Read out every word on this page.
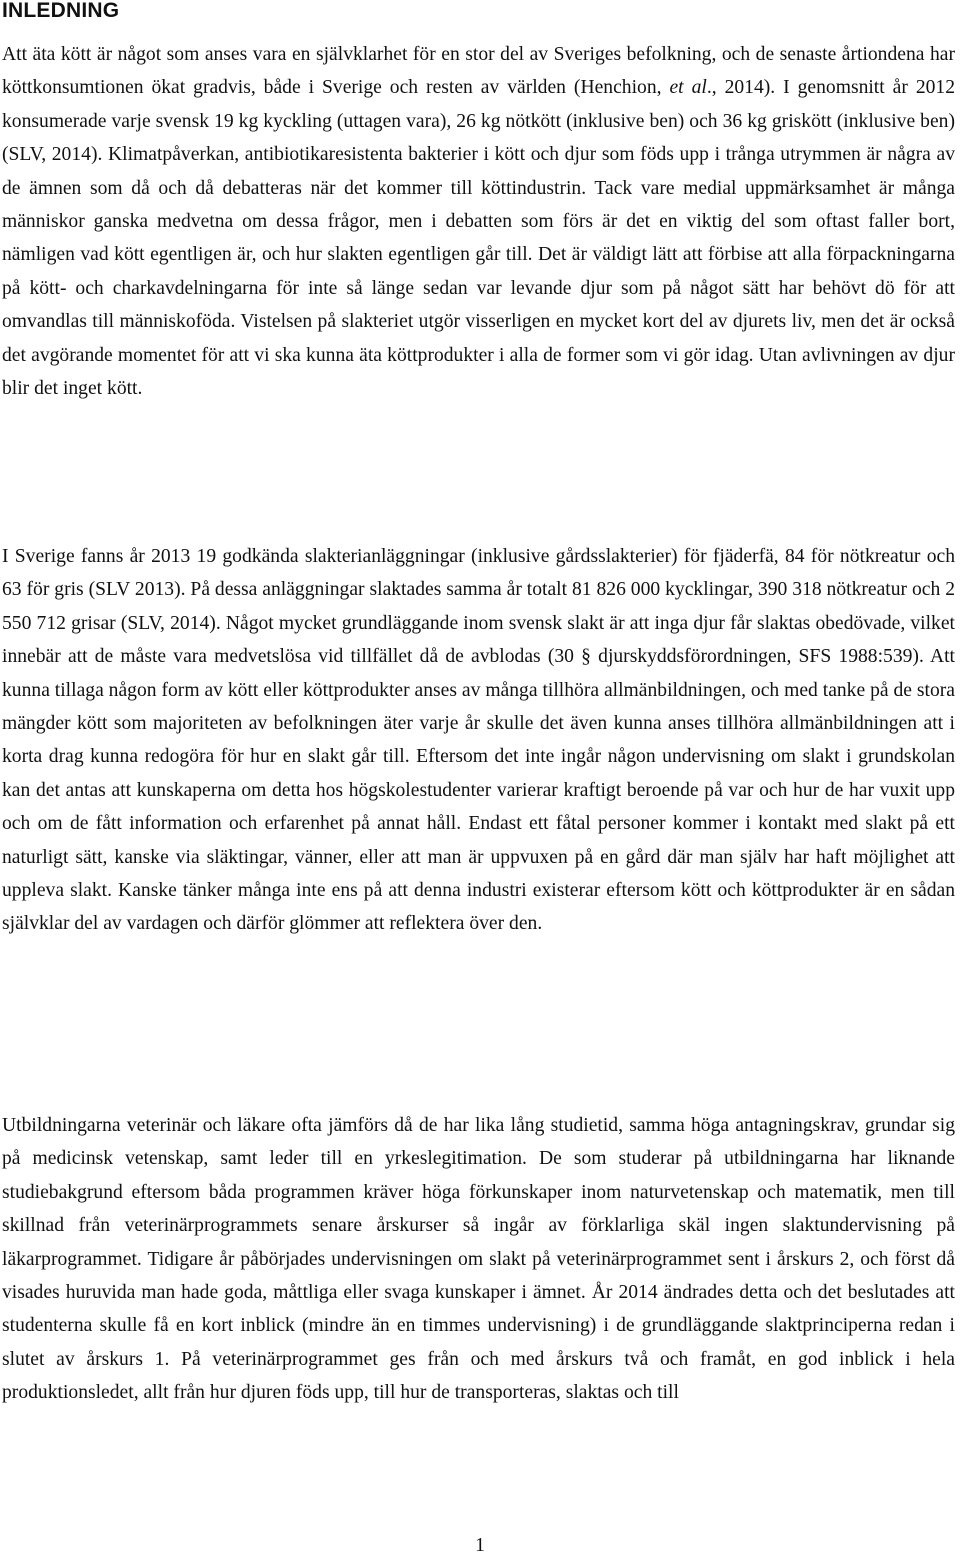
INLEDNING

Att äta kött är något som anses vara en självklarhet för en stor del av Sveriges befolkning, och de senaste årtiondena har köttkonsumtionen ökat gradvis, både i Sverige och resten av världen (Henchion, et al., 2014). I genomsnitt år 2012 konsumerade varje svensk 19 kg kyckling (uttagen vara), 26 kg nötkött (inklusive ben) och 36 kg griskött (inklusive ben) (SLV, 2014). Klimatpåverkan, antibiotikaresistenta bakterier i kött och djur som föds upp i trånga utrymmen är några av de ämnen som då och då debatteras när det kommer till köttindustrin. Tack vare medial uppmärksamhet är många människor ganska medvetna om dessa frågor, men i debatten som förs är det en viktig del som oftast faller bort, nämligen vad kött egentligen är, och hur slakten egentligen går till. Det är väldigt lätt att förbise att alla förpackningarna på kött- och charkavdelningarna för inte så länge sedan var levande djur som på något sätt har behövt dö för att omvandlas till människoföda. Vistelsen på slakteriet utgör visserligen en mycket kort del av djurets liv, men det är också det avgörande momentet för att vi ska kunna äta köttprodukter i alla de former som vi gör idag. Utan avlivningen av djur blir det inget kött.

I Sverige fanns år 2013 19 godkända slakterianläggningar (inklusive gårdsslakterier) för fjäderfä, 84 för nötkreatur och 63 för gris (SLV 2013). På dessa anläggningar slaktades samma år totalt 81 826 000 kycklingar, 390 318 nötkreatur och 2 550 712 grisar (SLV, 2014). Något mycket grundläggande inom svensk slakt är att inga djur får slaktas obedövade, vilket innebär att de måste vara medvetslösa vid tillfället då de avblodas (30 § djurskyddsförordningen, SFS 1988:539). Att kunna tillaga någon form av kött eller köttprodukter anses av många tillhöra allmänbildningen, och med tanke på de stora mängder kött som majoriteten av befolkningen äter varje år skulle det även kunna anses tillhöra allmänbildningen att i korta drag kunna redogöra för hur en slakt går till. Eftersom det inte ingår någon undervisning om slakt i grundskolan kan det antas att kunskaperna om detta hos högskolestudenter varierar kraftigt beroende på var och hur de har vuxit upp och om de fått information och erfarenhet på annat håll. Endast ett fåtal personer kommer i kontakt med slakt på ett naturligt sätt, kanske via släktingar, vänner, eller att man är uppvuxen på en gård där man själv har haft möjlighet att uppleva slakt. Kanske tänker många inte ens på att denna industri existerar eftersom kött och köttprodukter är en sådan självklar del av vardagen och därför glömmer att reflektera över den.

Utbildningarna veterinär och läkare ofta jämförs då de har lika lång studietid, samma höga antagningskrav, grundar sig på medicinsk vetenskap, samt leder till en yrkeslegitimation. De som studerar på utbildningarna har liknande studiebakgrund eftersom båda programmen kräver höga förkunskaper inom naturvetenskap och matematik, men till skillnad från veterinärprogrammets senare årskurser så ingår av förklarliga skäl ingen slaktundervisning på läkarprogrammet. Tidigare år påbörjades undervisningen om slakt på veterinärprogrammet sent i årskurs 2, och först då visades huruvida man hade goda, måttliga eller svaga kunskaper i ämnet. År 2014 ändrades detta och det beslutades att studenterna skulle få en kort inblick (mindre än en timmes undervisning) i de grundläggande slaktprinciperna redan i slutet av årskurs 1. På veterinärprogrammet ges från och med årskurs två och framåt, en god inblick i hela produktionsledet, allt från hur djuren föds upp, till hur de transporteras, slaktas och till

1
